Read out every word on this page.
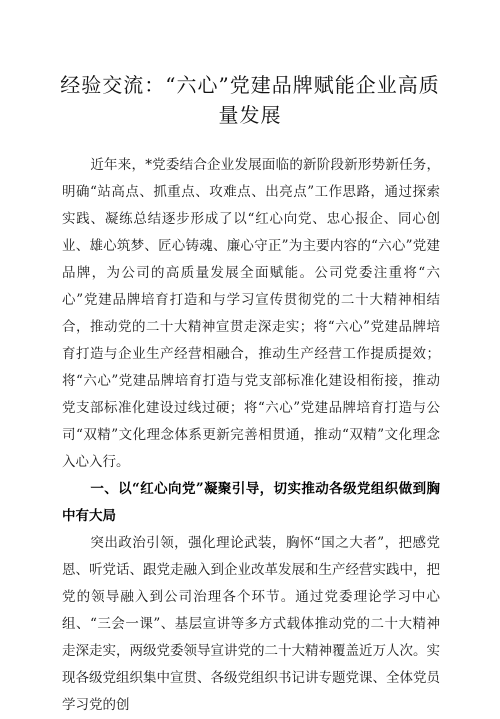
经验交流：“六心”党建品牌赋能企业高质量发展

近年来，*党委结合企业发展面临的新阶段新形势新任务，明确“站高点、抓重点、攻难点、出亮点”工作思路，通过探索实践、凝练总结逐步形成了以“红心向党、忠心报企、同心创业、雄心筑梦、匠心铸魂、廉心守正”为主要内容的“六心”党建品牌，为公司的高质量发展全面赋能。公司党委注重将“六心”党建品牌培育打造和与学习宣传贯彻党的二十大精神相结合，推动党的二十大精神宣贯走深走实；将“六心”党建品牌培育打造与企业生产经营相融合，推动生产经营工作提质提效；将“六心”党建品牌培育打造与党支部标准化建设相衔接，推动党支部标准化建设过线过硬；将“六心”党建品牌培育打造与公司“双精”文化理念体系更新完善相贯通，推动“双精”文化理念入心入行。

一、以“红心向党”凝聚引导，切实推动各级党组织做到胸中有大局

突出政治引领，强化理论武装，胸怀“国之大者”，把感党恩、听党话、跟党走融入到企业改革发展和生产经营实践中，把党的领导融入到公司治理各个环节。通过党委理论学习中心组、“三会一课”、基层宣讲等多方式载体推动党的二十大精神走深走实，两级党委领导宣讲党的二十大精神覆盖近万人次。实现各级党组织集中宣贯、各级党组织书记讲专题党课、全体党员学习党的创
